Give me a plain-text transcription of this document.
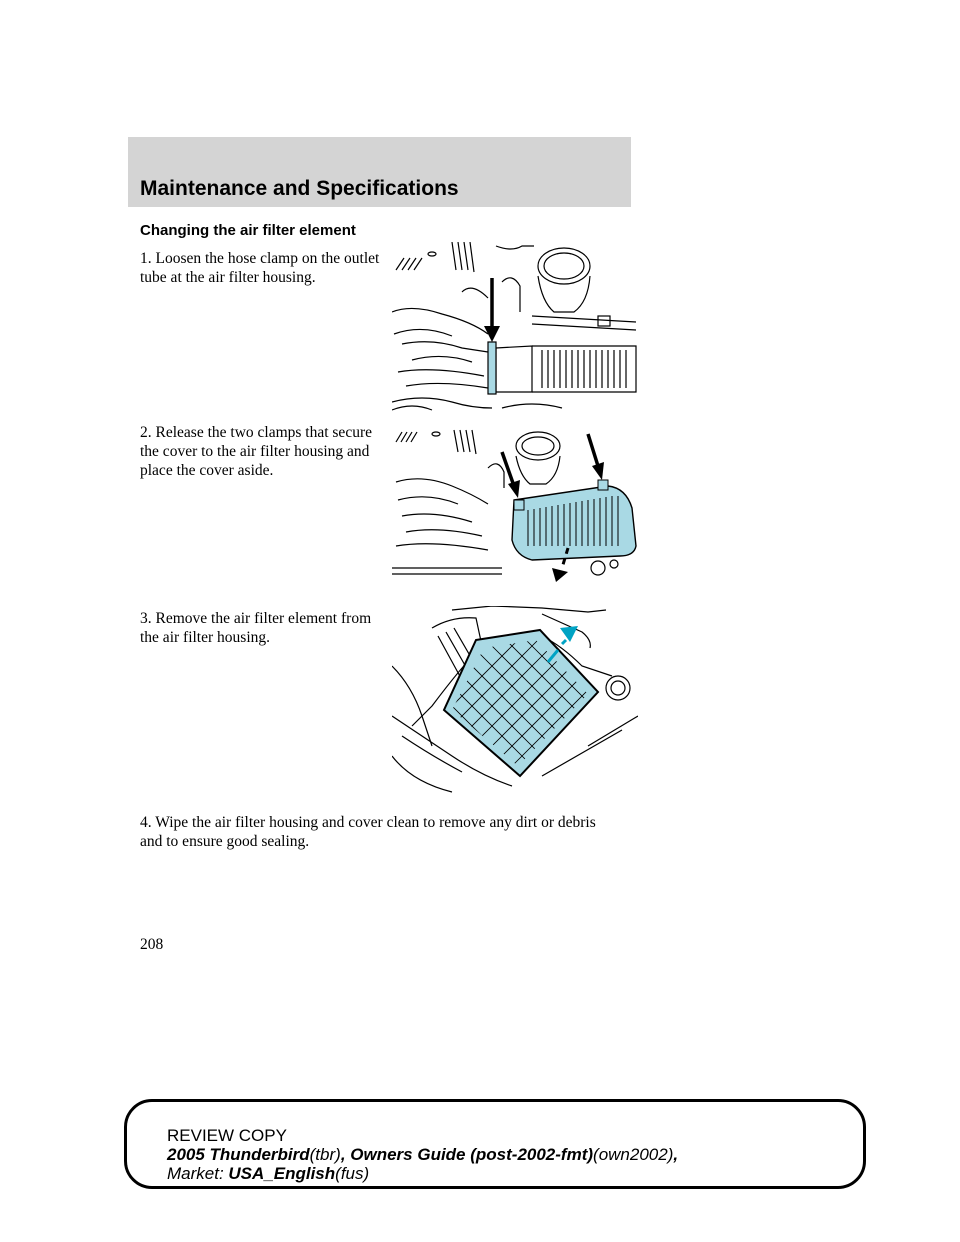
Maintenance and Specifications
Changing the air filter element

1. Loosen the hose clamp on the outlet tube at the air filter housing.

2. Release the two clamps that secure the cover to the air filter housing and place the cover aside.

3. Remove the air filter element from the air filter housing.

4. Wipe the air filter housing and cover clean to remove any dirt or debris and to ensure good sealing.

208
REVIEW COPY
2005 Thunderbird(tbr), Owners Guide (post-2002-fmt)(own2002),
Market: USA_English(fus)
